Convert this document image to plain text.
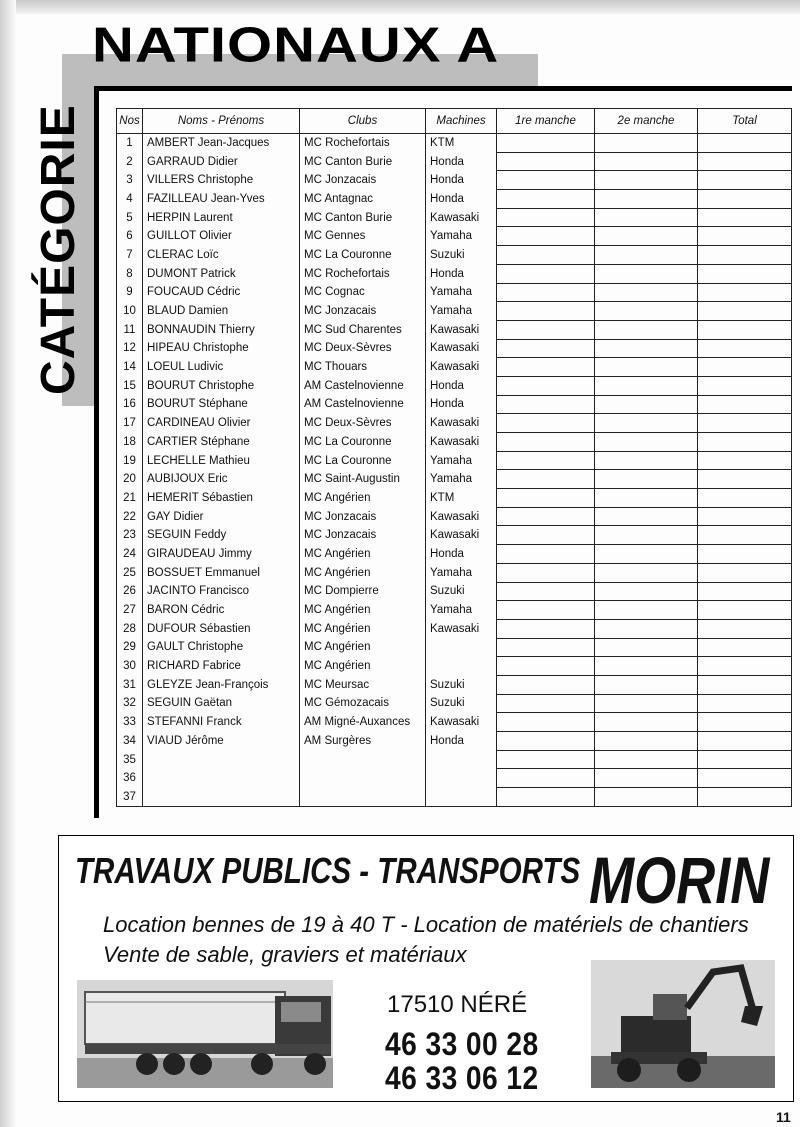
NATIONAUX A
CATÉGORIE	Nos	Noms - Prénoms	Clubs	Machines	1re manche	2e manche	Total
1	AMBERT Jean-Jacques	MC Rochefortais	KTM			
2	GARRAUD Didier	MC Canton Burie	Honda			
3	VILLERS Christophe	MC Jonzacais	Honda			
4	FAZILLEAU Jean-Yves	MC Antagnac	Honda			
5	HERPIN Laurent	MC Canton Burie	Kawasaki			
6	GUILLOT Olivier	MC Gennes	Yamaha			
7	CLERAC Loïc	MC La Couronne	Suzuki			
8	DUMONT Patrick	MC Rochefortais	Honda			
9	FOUCAUD Cédric	MC Cognac	Yamaha			
10	BLAUD Damien	MC Jonzacais	Yamaha			
11	BONNAUDIN Thierry	MC Sud Charentes	Kawasaki			
12	HIPEAU Christophe	MC Deux-Sèvres	Kawasaki			
14	LOEUL Ludivic	MC Thouars	Kawasaki			
15	BOURUT Christophe	AM Castelnovienne	Honda			
16	BOURUT Stéphane	AM Castelnovienne	Honda			
17	CARDINEAU Olivier	MC Deux-Sèvres	Kawasaki			
18	CARTIER Stéphane	MC La Couronne	Kawasaki			
19	LECHELLE Mathieu	MC La Couronne	Yamaha			
20	AUBIJOUX Eric	MC Saint-Augustin	Yamaha			
21	HEMERIT Sébastien	MC Angérien	KTM			
22	GAY Didier	MC Jonzacais	Kawasaki			
23	SEGUIN Feddy	MC Jonzacais	Kawasaki			
24	GIRAUDEAU Jimmy	MC Angérien	Honda			
25	BOSSUET Emmanuel	MC Angérien	Yamaha			
26	JACINTO Francisco	MC Dompierre	Suzuki			
27	BARON Cédric	MC Angérien	Yamaha			
28	DUFOUR Sébastien	MC Angérien	Kawasaki			
29	GAULT Christophe	MC Angérien				
30	RICHARD Fabrice	MC Angérien				
31	GLEYZE Jean-François	MC Meursac	Suzuki			
32	SEGUIN Gaëtan	MC Gémozacais	Suzuki			
33	STEFANNI Franck	AM Migné-Auxances	Kawasaki			
34	VIAUD Jérôme	AM Surgères	Honda			
35						
36						
37						
TRAVAUX PUBLICS - TRANSPORTS MORIN
Location bennes de 19 à 40 T - Location de matériels de chantiers
Vente de sable, graviers et matériaux
17510 NÉRÉ
46 33 00 28
46 33 06 12
11
